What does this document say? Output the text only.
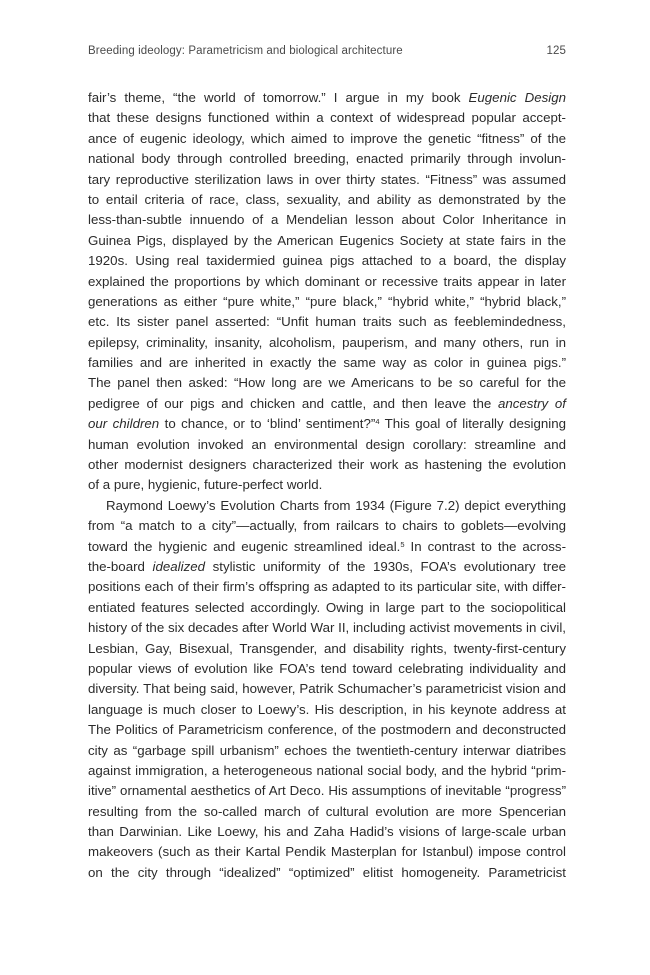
Breeding ideology: Parametricism and biological architecture	125
fair’s theme, “the world of tomorrow.” I argue in my book Eugenic Design
that these designs functioned within a context of widespread popular accept-
ance of eugenic ideology, which aimed to improve the genetic “fitness” of the
national body through controlled breeding, enacted primarily through involun-
tary reproductive sterilization laws in over thirty states. “Fitness” was assumed
to entail criteria of race, class, sexuality, and ability as demonstrated by the
less-than-subtle innuendo of a Mendelian lesson about Color Inheritance in
Guinea Pigs, displayed by the American Eugenics Society at state fairs in the
1920s. Using real taxidermied guinea pigs attached to a board, the display
explained the proportions by which dominant or recessive traits appear in later
generations as either “pure white,” “pure black,” “hybrid white,” “hybrid black,”
etc. Its sister panel asserted: “Unfit human traits such as feeblemindedness,
epilepsy, criminality, insanity, alcoholism, pauperism, and many others, run in
families and are inherited in exactly the same way as color in guinea pigs.”
The panel then asked: “How long are we Americans to be so careful for the
pedigree of our pigs and chicken and cattle, and then leave the ancestry of
our children to chance, or to ‘blind’ sentiment?”$^4$ This goal of literally designing
human evolution invoked an environmental design corollary: streamline and
other modernist designers characterized their work as hastening the evolution
of a pure, hygienic, future-perfect world.
Raymond Loewy’s Evolution Charts from 1934 (Figure 7.2) depict everything
from “a match to a city”—actually, from railcars to chairs to goblets—evolving
toward the hygienic and eugenic streamlined ideal.$^5$ In contrast to the across-
the-board idealized stylistic uniformity of the 1930s, FOA’s evolutionary tree
positions each of their firm’s offspring as adapted to its particular site, with differ-
entiated features selected accordingly. Owing in large part to the sociopolitical
history of the six decades after World War II, including activist movements in civil,
Lesbian, Gay, Bisexual, Transgender, and disability rights, twenty-first-century
popular views of evolution like FOA’s tend toward celebrating individuality and
diversity. That being said, however, Patrik Schumacher’s parametricist vision and
language is much closer to Loewy’s. His description, in his keynote address at
The Politics of Parametricism conference, of the postmodern and deconstructed
city as “garbage spill urbanism” echoes the twentieth-century interwar diatribes
against immigration, a heterogeneous national social body, and the hybrid “prim-
itive” ornamental aesthetics of Art Deco. His assumptions of inevitable “progress”
resulting from the so-called march of cultural evolution are more Spencerian
than Darwinian. Like Loewy, his and Zaha Hadid’s visions of large-scale urban
makeovers (such as their Kartal Pendik Masterplan for Istanbul) impose control
on the city through “idealized” “optimized” elitist homogeneity. Parametricist
